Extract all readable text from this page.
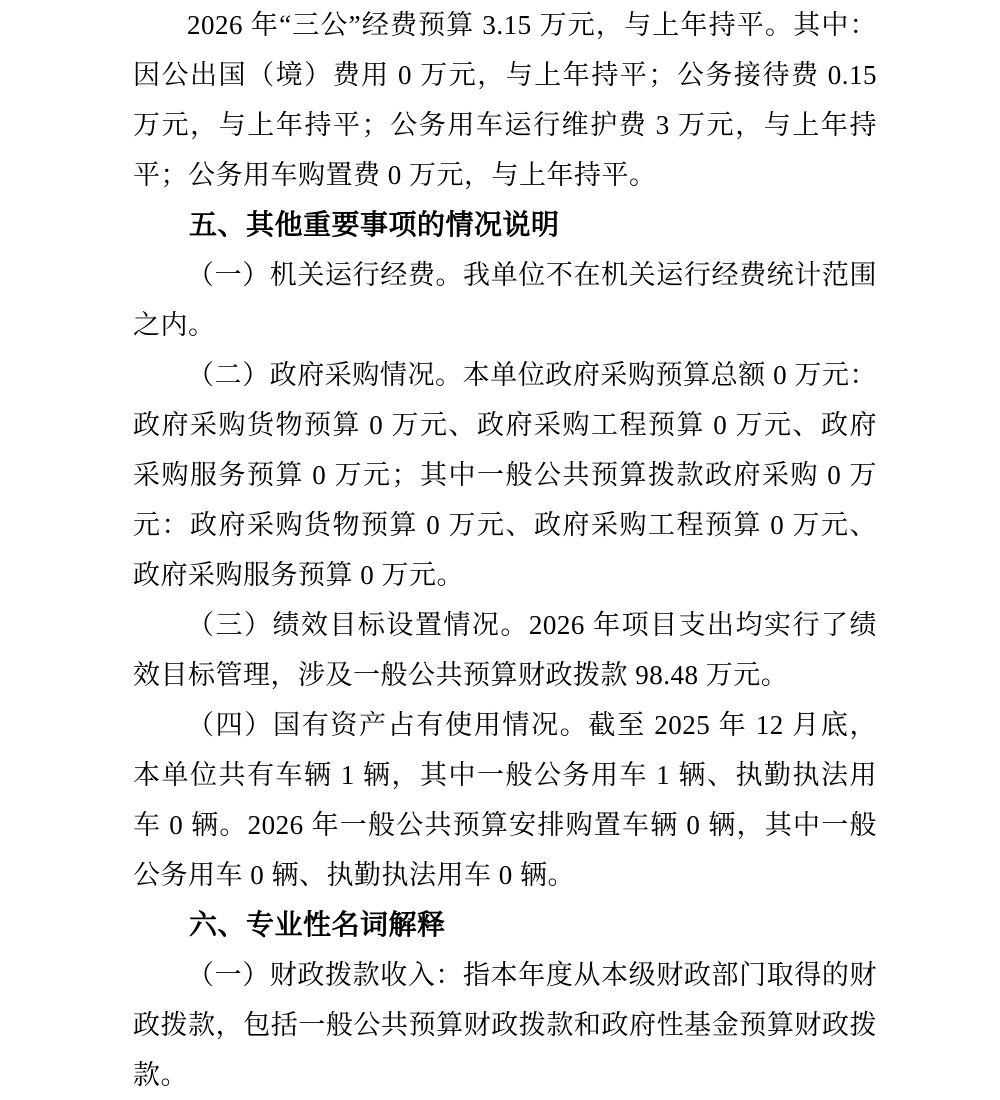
2026 年“三公”经费预算 3.15 万元，与上年持平。其中：因公出国（境）费用 0 万元，与上年持平；公务接待费 0.15 万元，与上年持平；公务用车运行维护费 3 万元，与上年持平；公务用车购置费 0 万元，与上年持平。

五、其他重要事项的情况说明

（一）机关运行经费。我单位不在机关运行经费统计范围之内。

（二）政府采购情况。本单位政府采购预算总额 0 万元：政府采购货物预算 0 万元、政府采购工程预算 0 万元、政府采购服务预算 0 万元；其中一般公共预算拨款政府采购 0 万元：政府采购货物预算 0 万元、政府采购工程预算 0 万元、政府采购服务预算 0 万元。

（三）绩效目标设置情况。2026 年项目支出均实行了绩效目标管理，涉及一般公共预算财政拨款 98.48 万元。

（四）国有资产占有使用情况。截至 2025 年 12 月底，本单位共有车辆 1 辆，其中一般公务用车 1 辆、执勤执法用车 0 辆。2026 年一般公共预算安排购置车辆 0 辆，其中一般公务用车 0 辆、执勤执法用车 0 辆。

六、专业性名词解释

（一）财政拨款收入：指本年度从本级财政部门取得的财政拨款，包括一般公共预算财政拨款和政府性基金预算财政拨款。
